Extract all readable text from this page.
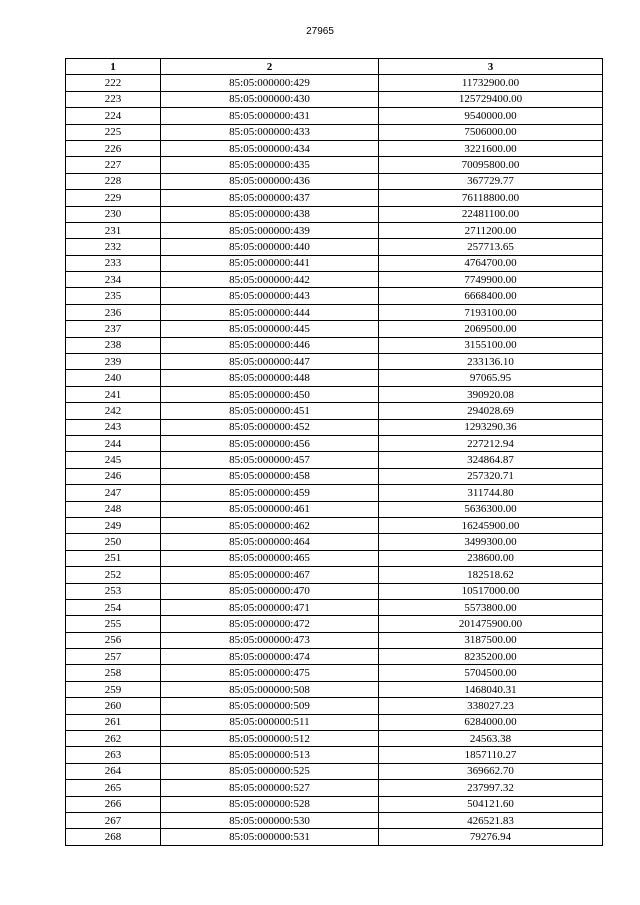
27965
1	2	3
222	85:05:000000:429	11732900.00
223	85:05:000000:430	125729400.00
224	85:05:000000:431	9540000.00
225	85:05:000000:433	7506000.00
226	85:05:000000:434	3221600.00
227	85:05:000000:435	70095800.00
228	85:05:000000:436	367729.77
229	85:05:000000:437	76118800.00
230	85:05:000000:438	22481100.00
231	85:05:000000:439	2711200.00
232	85:05:000000:440	257713.65
233	85:05:000000:441	4764700.00
234	85:05:000000:442	7749900.00
235	85:05:000000:443	6668400.00
236	85:05:000000:444	7193100.00
237	85:05:000000:445	2069500.00
238	85:05:000000:446	3155100.00
239	85:05:000000:447	233136.10
240	85:05:000000:448	97065.95
241	85:05:000000:450	390920.08
242	85:05:000000:451	294028.69
243	85:05:000000:452	1293290.36
244	85:05:000000:456	227212.94
245	85:05:000000:457	324864.87
246	85:05:000000:458	257320.71
247	85:05:000000:459	311744.80
248	85:05:000000:461	5636300.00
249	85:05:000000:462	16245900.00
250	85:05:000000:464	3499300.00
251	85:05:000000:465	238600.00
252	85:05:000000:467	182518.62
253	85:05:000000:470	10517000.00
254	85:05:000000:471	5573800.00
255	85:05:000000:472	201475900.00
256	85:05:000000:473	3187500.00
257	85:05:000000:474	8235200.00
258	85:05:000000:475	5704500.00
259	85:05:000000:508	1468040.31
260	85:05:000000:509	338027.23
261	85:05:000000:511	6284000.00
262	85:05:000000:512	24563.38
263	85:05:000000:513	1857110.27
264	85:05:000000:525	369662.70
265	85:05:000000:527	237997.32
266	85:05:000000:528	504121.60
267	85:05:000000:530	426521.83
268	85:05:000000:531	79276.94
